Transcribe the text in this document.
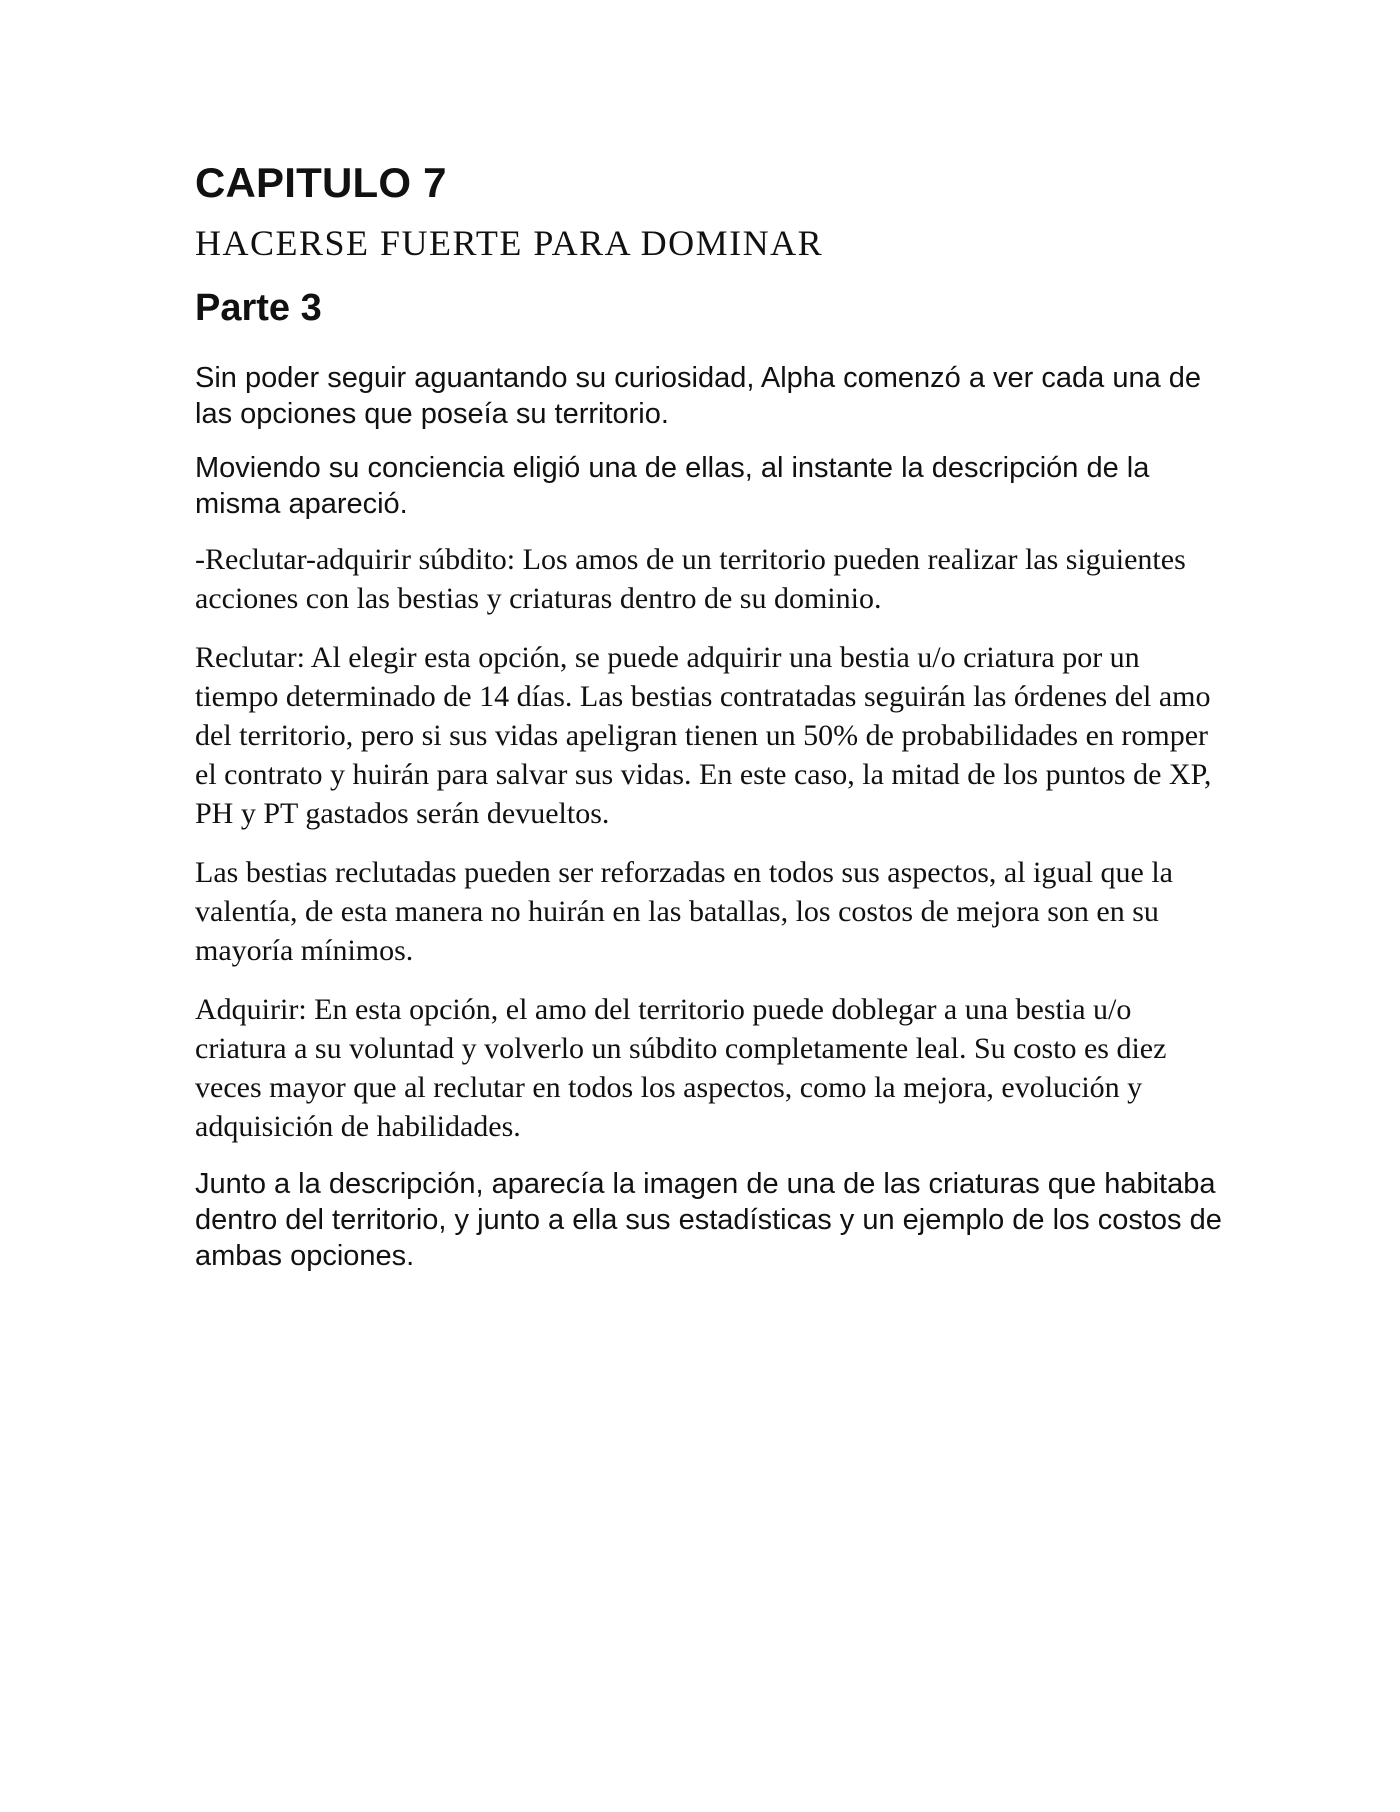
CAPITULO 7
HACERSE FUERTE PARA DOMINAR
Parte 3

Sin poder seguir aguantando su curiosidad, Alpha comenzó a ver cada una de las opciones que poseía su territorio.

Moviendo su conciencia eligió una de ellas, al instante la descripción de la misma apareció.

-Reclutar-adquirir súbdito: Los amos de un territorio pueden realizar las siguientes acciones con las bestias y criaturas dentro de su dominio.

Reclutar: Al elegir esta opción, se puede adquirir una bestia u/o criatura por un tiempo determinado de 14 días. Las bestias contratadas seguirán las órdenes del amo del territorio, pero si sus vidas apeligran tienen un 50% de probabilidades en romper el contrato y huirán para salvar sus vidas. En este caso, la mitad de los puntos de XP, PH y PT gastados serán devueltos.

Las bestias reclutadas pueden ser reforzadas en todos sus aspectos, al igual que la valentía, de esta manera no huirán en las batallas, los costos de mejora son en su mayoría mínimos.

Adquirir: En esta opción, el amo del territorio puede doblegar a una bestia u/o criatura a su voluntad y volverlo un súbdito completamente leal. Su costo es diez veces mayor que al reclutar en todos los aspectos, como la mejora, evolución y adquisición de habilidades.

Junto a la descripción, aparecía la imagen de una de las criaturas que habitaba dentro del territorio, y junto a ella sus estadísticas y un ejemplo de los costos de ambas opciones.
